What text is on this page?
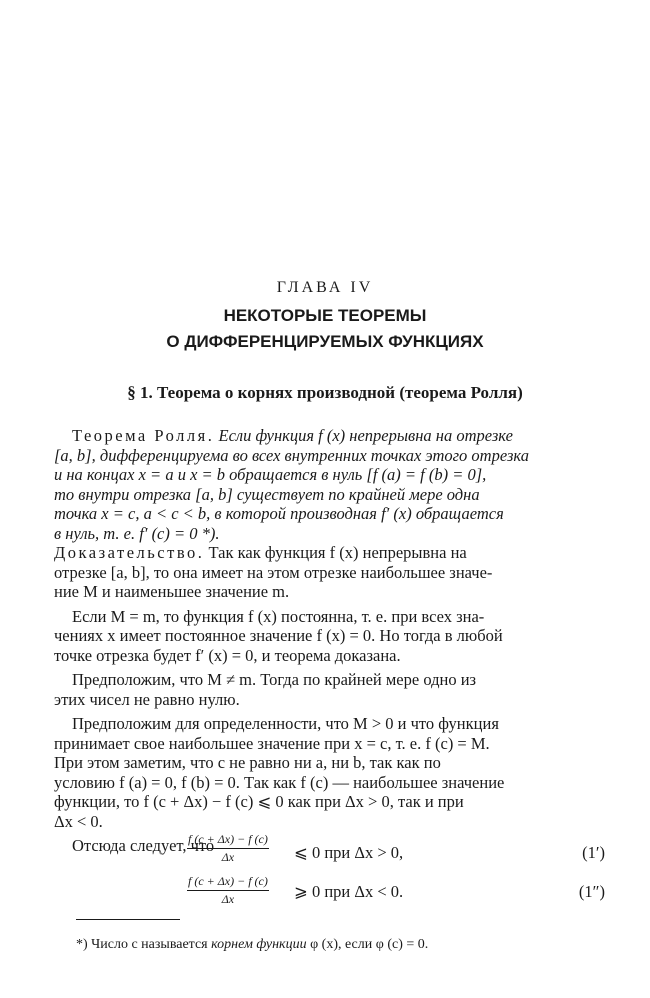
ГЛАВА IV
НЕКОТОРЫЕ ТЕОРЕМЫ
О ДИФФЕРЕНЦИРУЕМЫХ ФУНКЦИЯХ
§ 1. Теорема о корнях производной (теорема Ролля)

Теорема Ролля. Если функция f (x) непрерывна на отрезке
[a, b], дифференцируема во всех внутренних точках этого отрезка
и на концах x = a и x = b обращается в нуль [f (a) = f (b) = 0],
то внутри отрезка [a, b] существует по крайней мере одна
точка x = c, a < c < b, в которой производная f′ (x) обращается
в нуль, т. е. f′ (c) = 0 *).

Доказательство. Так как функция f (x) непрерывна на
отрезке [a, b], то она имеет на этом отрезке наибольшее значе-
ние M и наименьшее значение m.

Если M = m, то функция f (x) постоянна, т. е. при всех зна-
чениях x имеет постоянное значение f (x) = 0. Но тогда в любой
точке отрезка будет f′ (x) = 0, и теорема доказана.

Предположим, что M ≠ m. Тогда по крайней мере одно из
этих чисел не равно нулю.

Предположим для определенности, что M > 0 и что функция
принимает свое наибольшее значение при x = c, т. е. f (c) = M.
При этом заметим, что c не равно ни a, ни b, так как по
условию f (a) = 0, f (b) = 0. Так как f (c) — наибольшее значение
функции, то f (c + Δx) − f (c) ⩽ 0 как при Δx > 0, так и при
Δx < 0.

Отсюда следует, что

$\frac{f (c + \Delta x) - f (c)}{\Delta x}$ ⩽ 0 при Δx > 0,	(1′)
$\frac{f (c + \Delta x) - f (c)}{\Delta x}$ ⩾ 0 при Δx < 0.	(1″)
*) Число c называется корнем функции φ (x), если φ (c) = 0.
